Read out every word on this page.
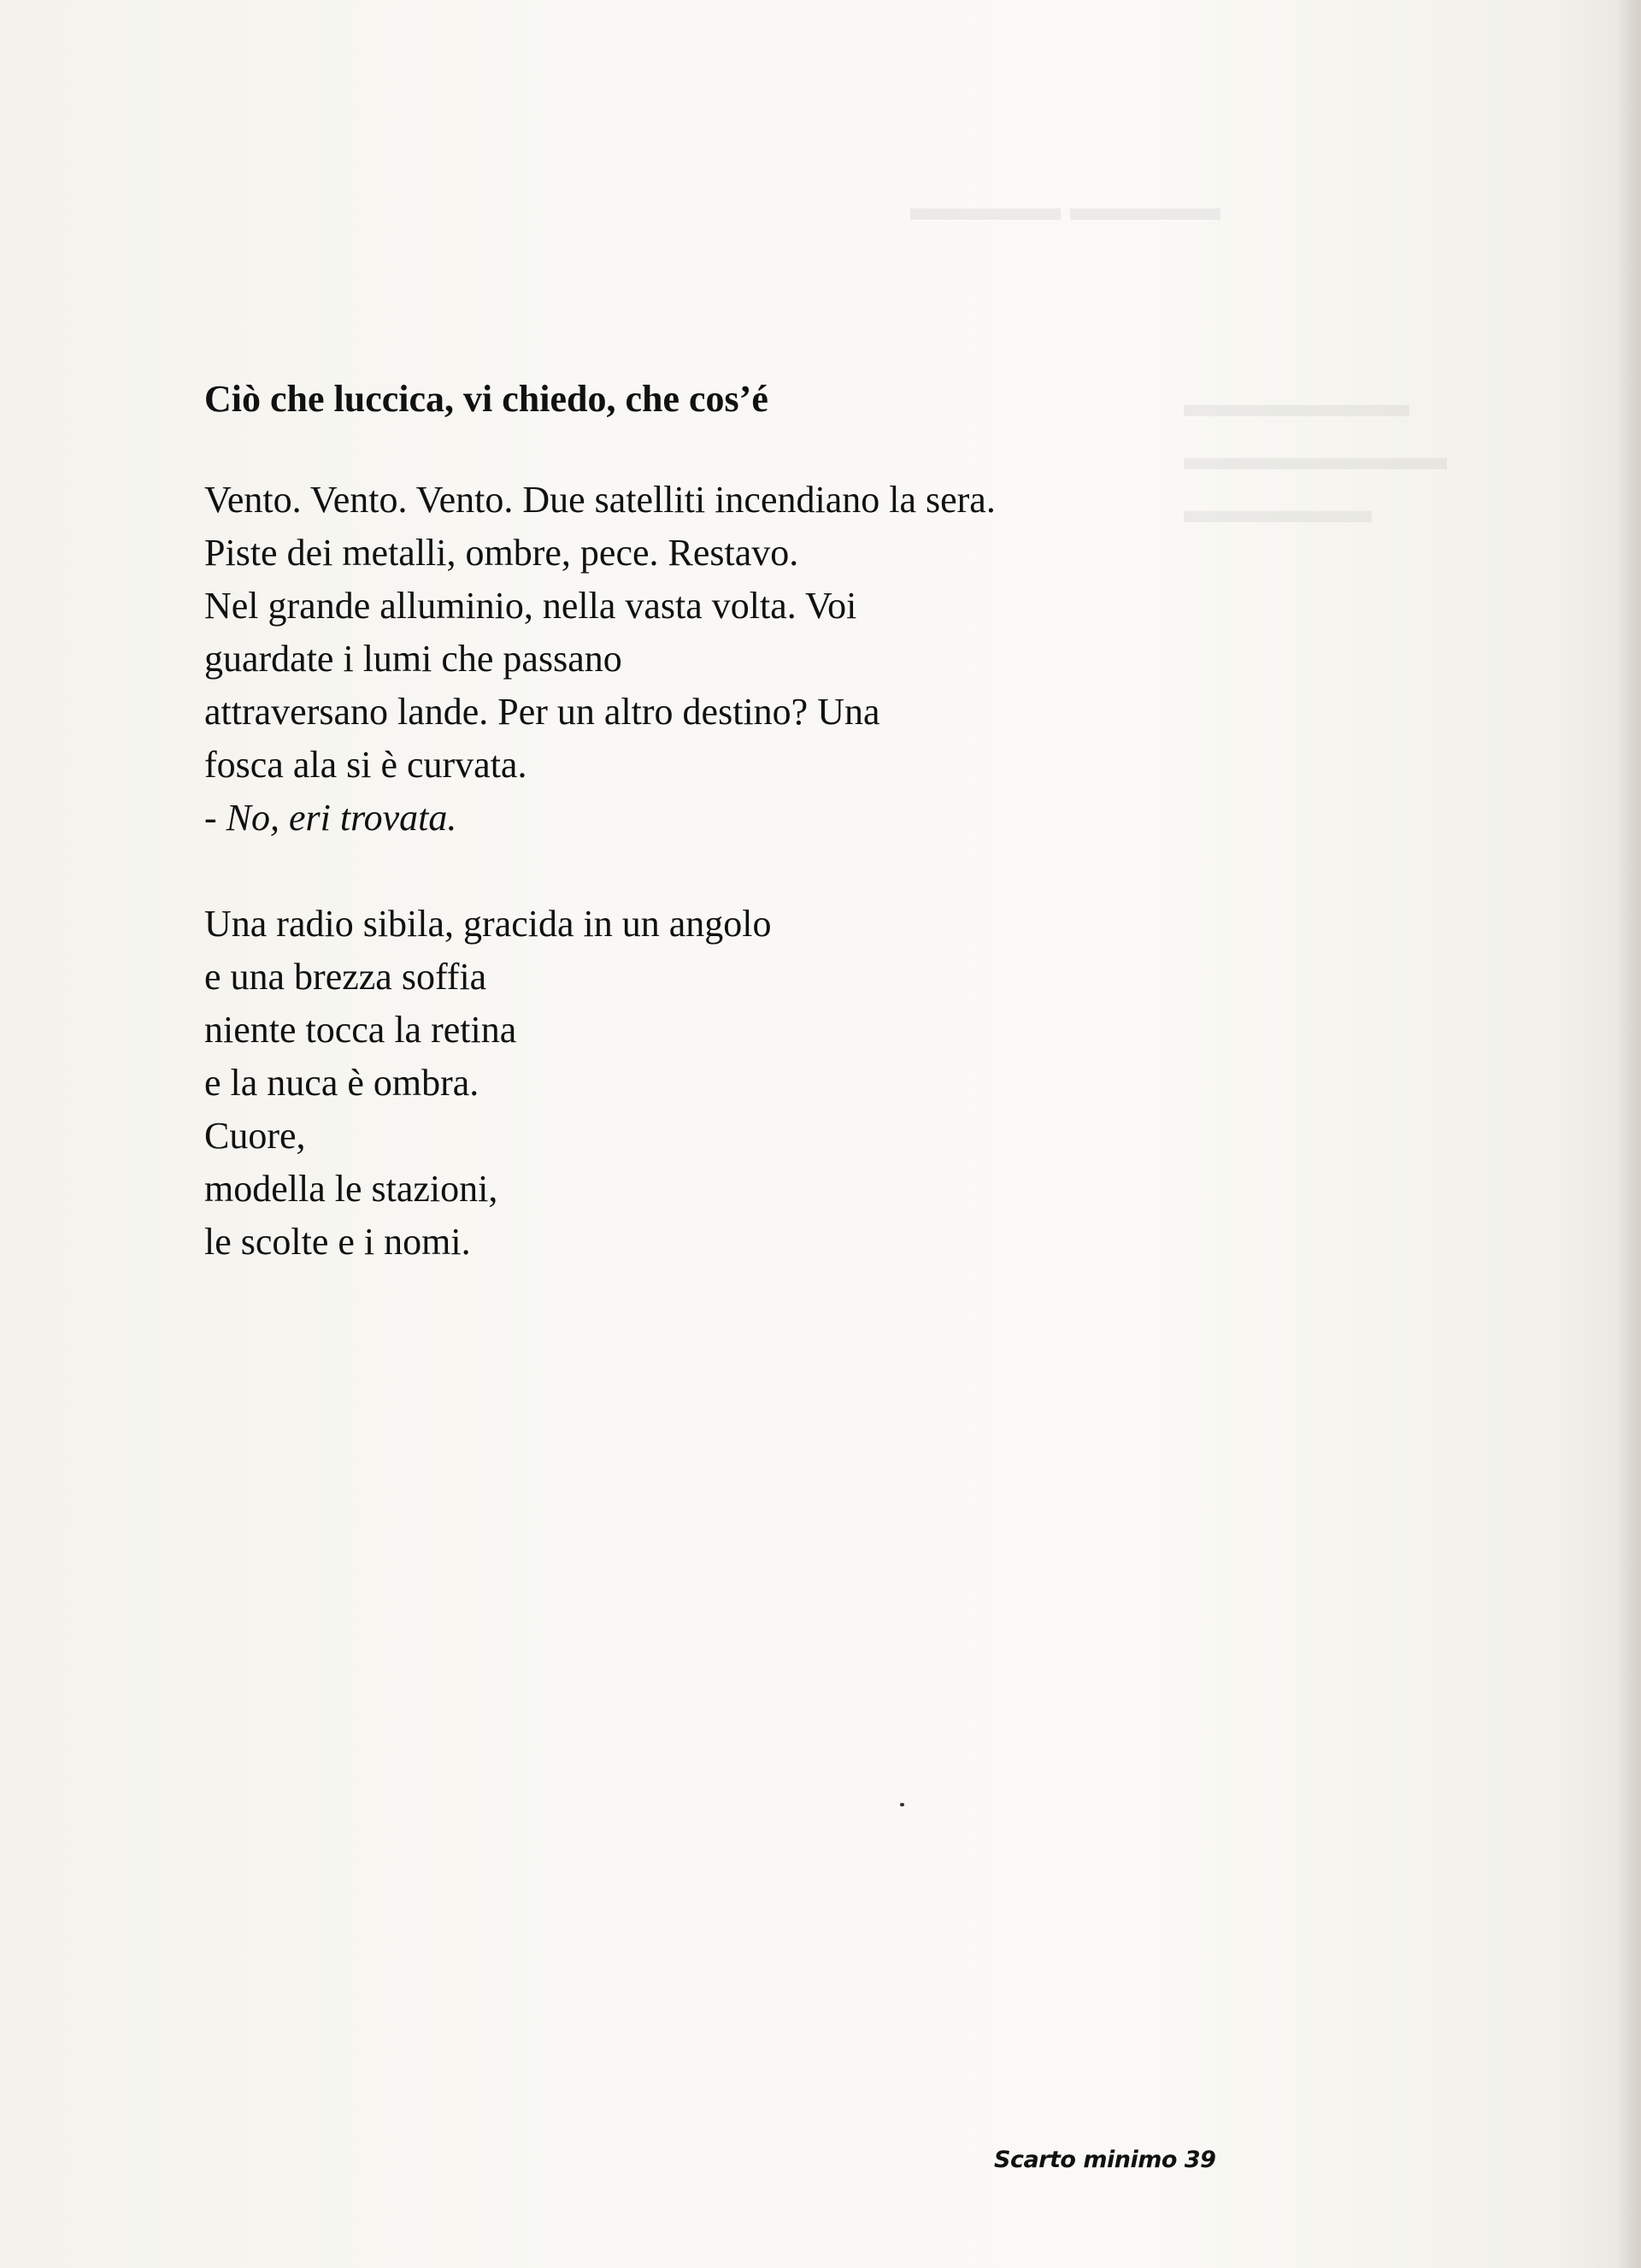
▬▬▬▬ ▬▬▬▬
▬▬▬▬▬▬
▬▬▬▬▬▬▬
▬▬▬▬▬
Ciò che luccica, vi chiedo, che cos’é
Vento. Vento. Vento. Due satelliti incendiano la sera.
Piste dei metalli, ombre, pece. Restavo.
Nel grande alluminio, nella vasta volta. Voi
guardate i lumi che passano
attraversano lande. Per un altro destino? Una
fosca ala si è curvata.
- No, eri trovata.
Una radio sibila, gracida in un angolo
e una brezza soffia
niente tocca la retina
e la nuca è ombra.
Cuore,
modella le stazioni,
le scolte e i nomi.
Scarto minimo 39
